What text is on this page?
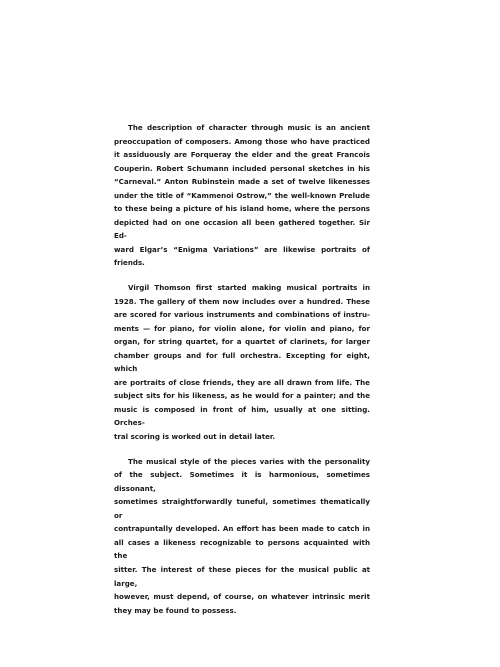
The description of character through music is an ancient
preoccupation of composers. Among those who have practiced
it assiduously are Forqueray the elder and the great Francois
Couperin. Robert Schumann included personal sketches in his
“Carneval.” Anton Rubinstein made a set of twelve likenesses
under the title of “Kammenoi Ostrow,” the well-known Prelude
to these being a picture of his island home, where the persons
depicted had on one occasion all been gathered together. Sir Ed-
ward Elgar’s “Enigma Variations” are likewise portraits of friends.

Virgil Thomson first started making musical portraits in
1928. The gallery of them now includes over a hundred. These
are scored for various instruments and combinations of instru-
ments — for piano, for violin alone, for violin and piano, for
organ, for string quartet, for a quartet of clarinets, for larger
chamber groups and for full orchestra. Excepting for eight, which
are portraits of close friends, they are all drawn from life. The
subject sits for his likeness, as he would for a painter; and the
music is composed in front of him, usually at one sitting. Orches-
tral scoring is worked out in detail later.

The musical style of the pieces varies with the personality
of the subject. Sometimes it is harmonious, sometimes dissonant,
sometimes straightforwardly tuneful, sometimes thematically or
contrapuntally developed. An effort has been made to catch in
all cases a likeness recognizable to persons acquainted with the
sitter. The interest of these pieces for the musical public at large,
however, must depend, of course, on whatever intrinsic merit
they may be found to possess.
